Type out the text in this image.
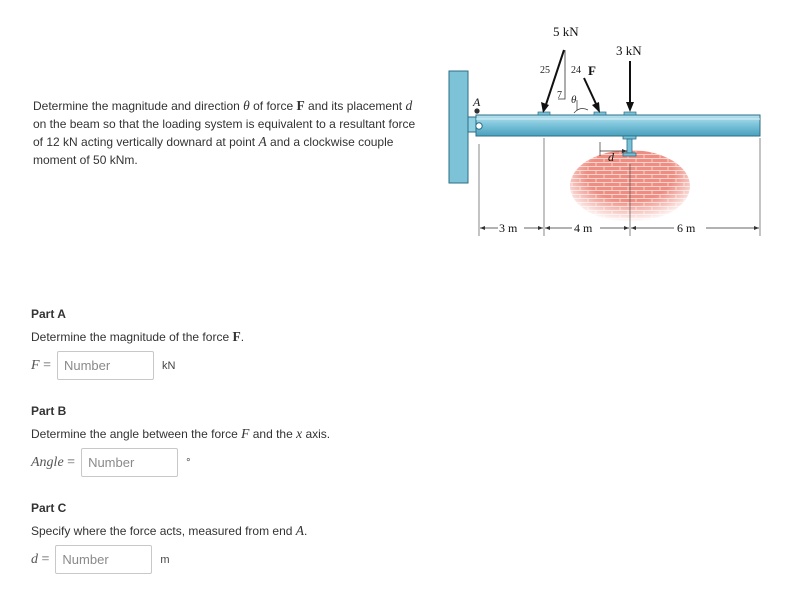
Determine the magnitude and direction θ of force F and its placement d on the beam so that the loading system is equivalent to a resultant force of 12 kN acting vertically downard at point A and a clockwise couple moment of 50 kNm.
25
7
24
5 kN
F
θ
3 kN
A
d
3 m	4 m	6 m
Part A
Determine the magnitude of the force F.
F =
Number	kN
Part B
Determine the angle between the force F and the x axis.
Angle =
Number	°
Part C
Specify where the force acts, measured from end A.
d =
Number	m
